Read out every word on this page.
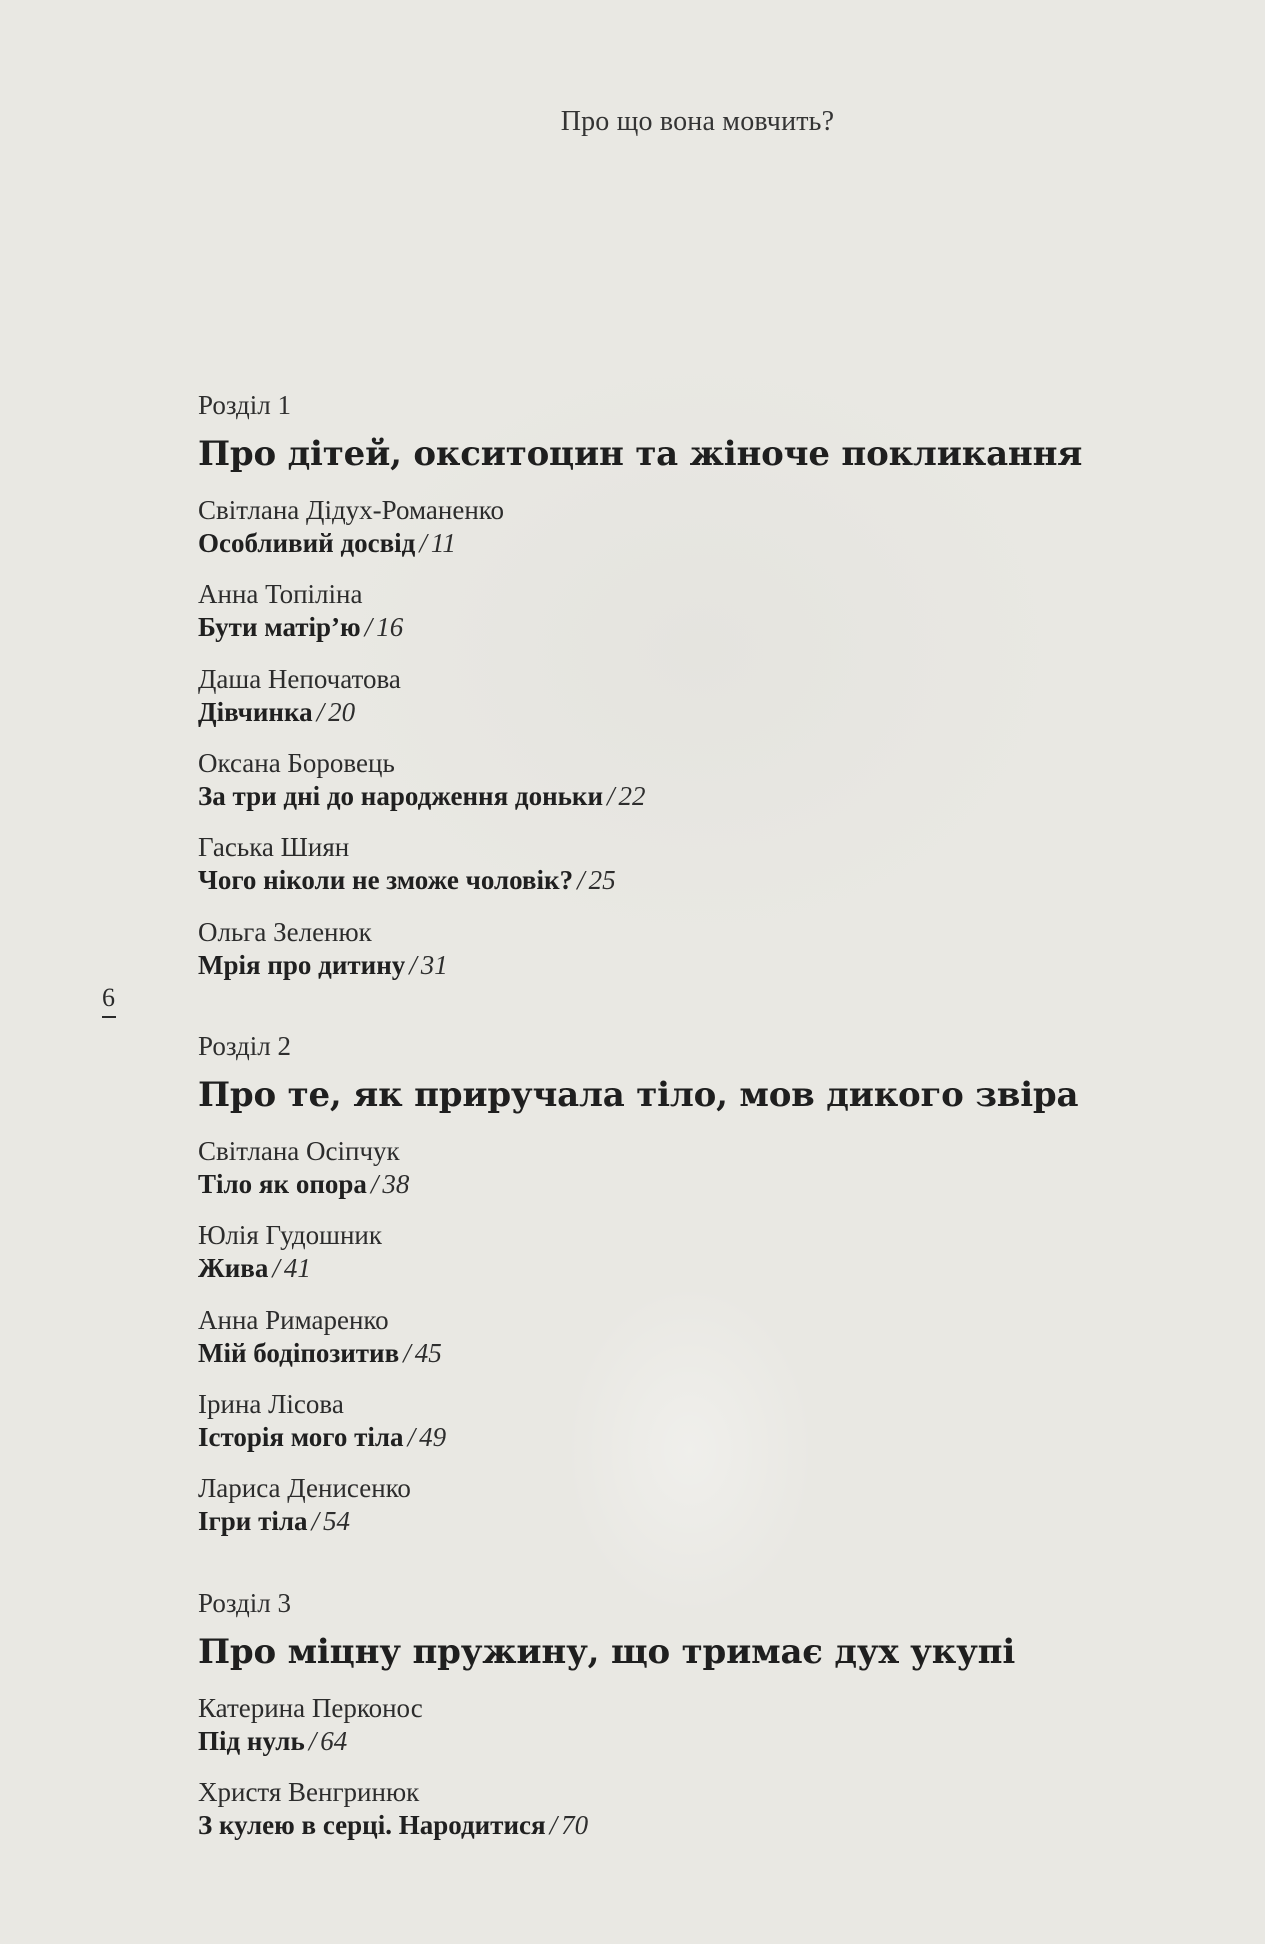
Про що вона мовчить?
6
Розділ 1
Про дітей, окситоцин та жіноче покликання
Світлана Дідух-Романенко
Особливий досвід / 11
Анна Топіліна
Бути матір’ю / 16
Даша Непочатова
Дівчинка / 20
Оксана Боровець
За три дні до народження доньки / 22
Гаська Шиян
Чого ніколи не зможе чоловік? / 25
Ольга Зеленюк
Мрія про дитину / 31
Розділ 2
Про те, як приручала тіло, мов дикого звіра
Світлана Осіпчук
Тіло як опора / 38
Юлія Гудошник
Жива / 41
Анна Римаренко
Мій бодіпозитив / 45
Ірина Лісова
Історія мого тіла / 49
Лариса Денисенко
Ігри тіла / 54
Розділ 3
Про міцну пружину, що тримає дух укупі
Катерина Перконос
Під нуль / 64
Христя Венгринюк
З кулею в серці. Народитися / 70
